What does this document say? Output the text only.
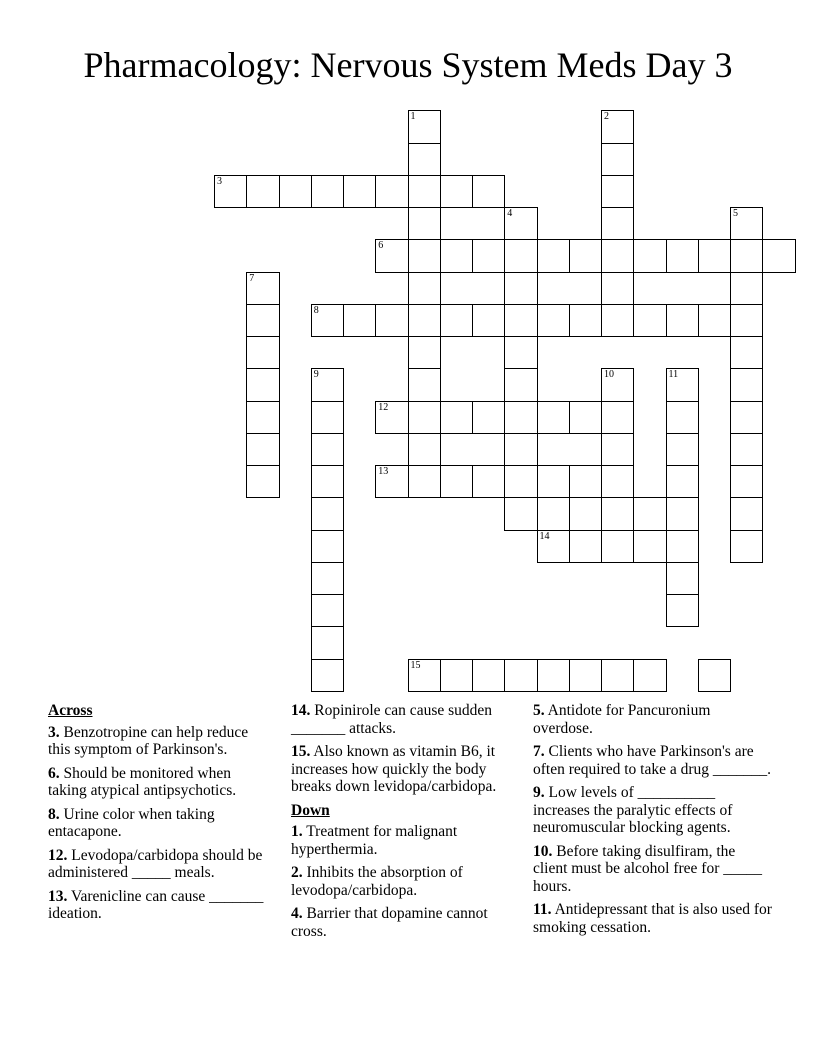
Pharmacology: Nervous System Meds Day 3
1	2
3
4	5
6
7
8
9	10	11
12
13
14
15
Across
3. Benzotropine can help reduce this symptom of Parkinson's.
6. Should be monitored when taking atypical antipsychotics.
8. Urine color when taking entacapone.
12. Levodopa/carbidopa should be administered _____ meals.
13. Varenicline can cause _______ ideation.
14. Ropinirole can cause sudden _______ attacks.
15. Also known as vitamin B6, it increases how quickly the body breaks down levidopa/carbidopa.
Down
1. Treatment for malignant hyperthermia.
2. Inhibits the absorption of levodopa/carbidopa.
4. Barrier that dopamine cannot cross.
5. Antidote for Pancuronium overdose.
7. Clients who have Parkinson's are often required to take a drug _______.
9. Low levels of __________ increases the paralytic effects of neuromuscular blocking agents.
10. Before taking disulfiram, the client must be alcohol free for _____ hours.
11. Antidepressant that is also used for smoking cessation.
